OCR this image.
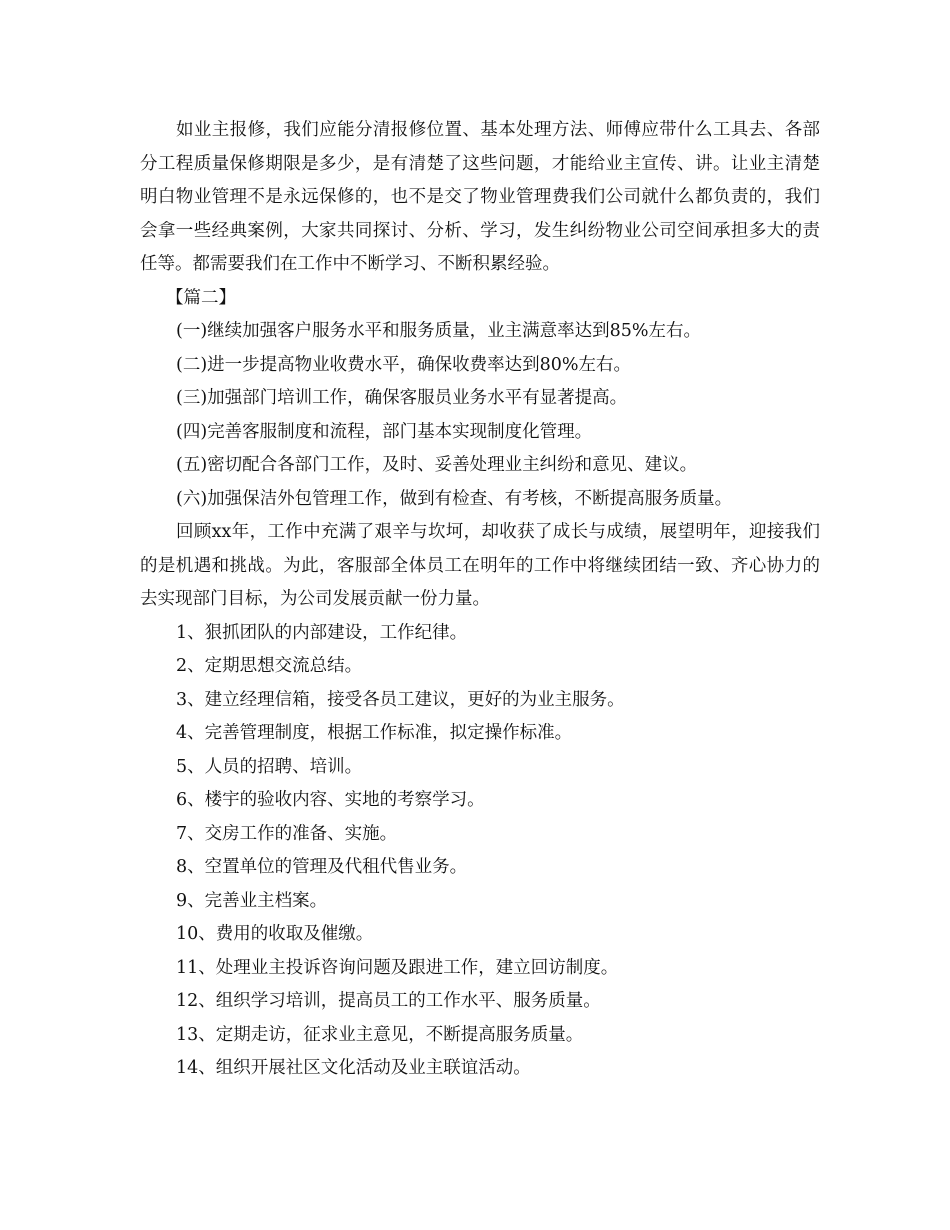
如业主报修，我们应能分清报修位置、基本处理方法、师傅应带什么工具去、各部分工程质量保修期限是多少，是有清楚了这些问题，才能给业主宣传、讲。让业主清楚明白物业管理不是永远保修的，也不是交了物业管理费我们公司就什么都负责的，我们会拿一些经典案例，大家共同探讨、分析、学习，发生纠纷物业公司空间承担多大的责任等。都需要我们在工作中不断学习、不断积累经验。

【篇二】

(一)继续加强客户服务水平和服务质量，业主满意率达到85%左右。

(二)进一步提高物业收费水平，确保收费率达到80%左右。

(三)加强部门培训工作，确保客服员业务水平有显著提高。

(四)完善客服制度和流程，部门基本实现制度化管理。

(五)密切配合各部门工作，及时、妥善处理业主纠纷和意见、建议。

(六)加强保洁外包管理工作，做到有检查、有考核，不断提高服务质量。

回顾xx年，工作中充满了艰辛与坎坷，却收获了成长与成绩，展望明年，迎接我们的是机遇和挑战。为此，客服部全体员工在明年的工作中将继续团结一致、齐心协力的去实现部门目标，为公司发展贡献一份力量。

1、狠抓团队的内部建设，工作纪律。

2、定期思想交流总结。

3、建立经理信箱，接受各员工建议，更好的为业主服务。

4、完善管理制度，根据工作标准，拟定操作标准。

5、人员的招聘、培训。

6、楼宇的验收内容、实地的考察学习。

7、交房工作的准备、实施。

8、空置单位的管理及代租代售业务。

9、完善业主档案。

10、费用的收取及催缴。

11、处理业主投诉咨询问题及跟进工作，建立回访制度。

12、组织学习培训，提高员工的工作水平、服务质量。

13、定期走访，征求业主意见，不断提高服务质量。

14、组织开展社区文化活动及业主联谊活动。
